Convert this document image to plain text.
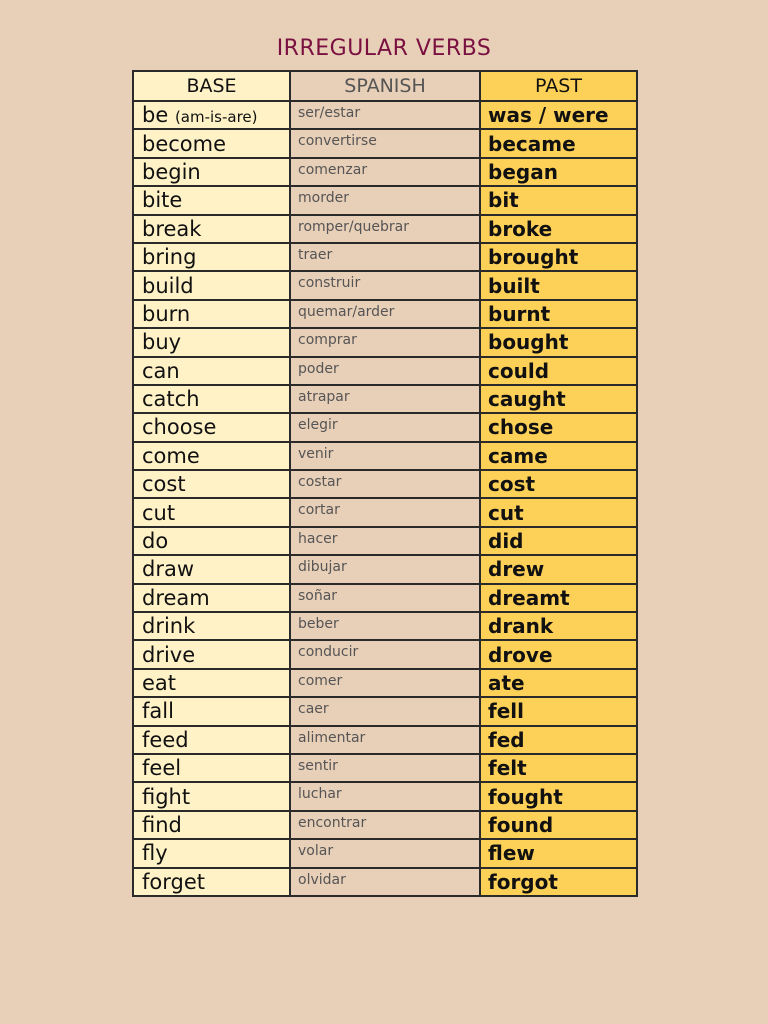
IRREGULAR VERBS
BASE	SPANISH	PAST
be (am-is-are)	ser/estar	was / were
become	convertirse	became
begin	comenzar	began
bite	morder	bit
break	romper/quebrar	broke
bring	traer	brought
build	construir	built
burn	quemar/arder	burnt
buy	comprar	bought
can	poder	could
catch	atrapar	caught
choose	elegir	chose
come	venir	came
cost	costar	cost
cut	cortar	cut
do	hacer	did
draw	dibujar	drew
dream	soñar	dreamt
drink	beber	drank
drive	conducir	drove
eat	comer	ate
fall	caer	fell
feed	alimentar	fed
feel	sentir	felt
fight	luchar	fought
find	encontrar	found
fly	volar	flew
forget	olvidar	forgot
